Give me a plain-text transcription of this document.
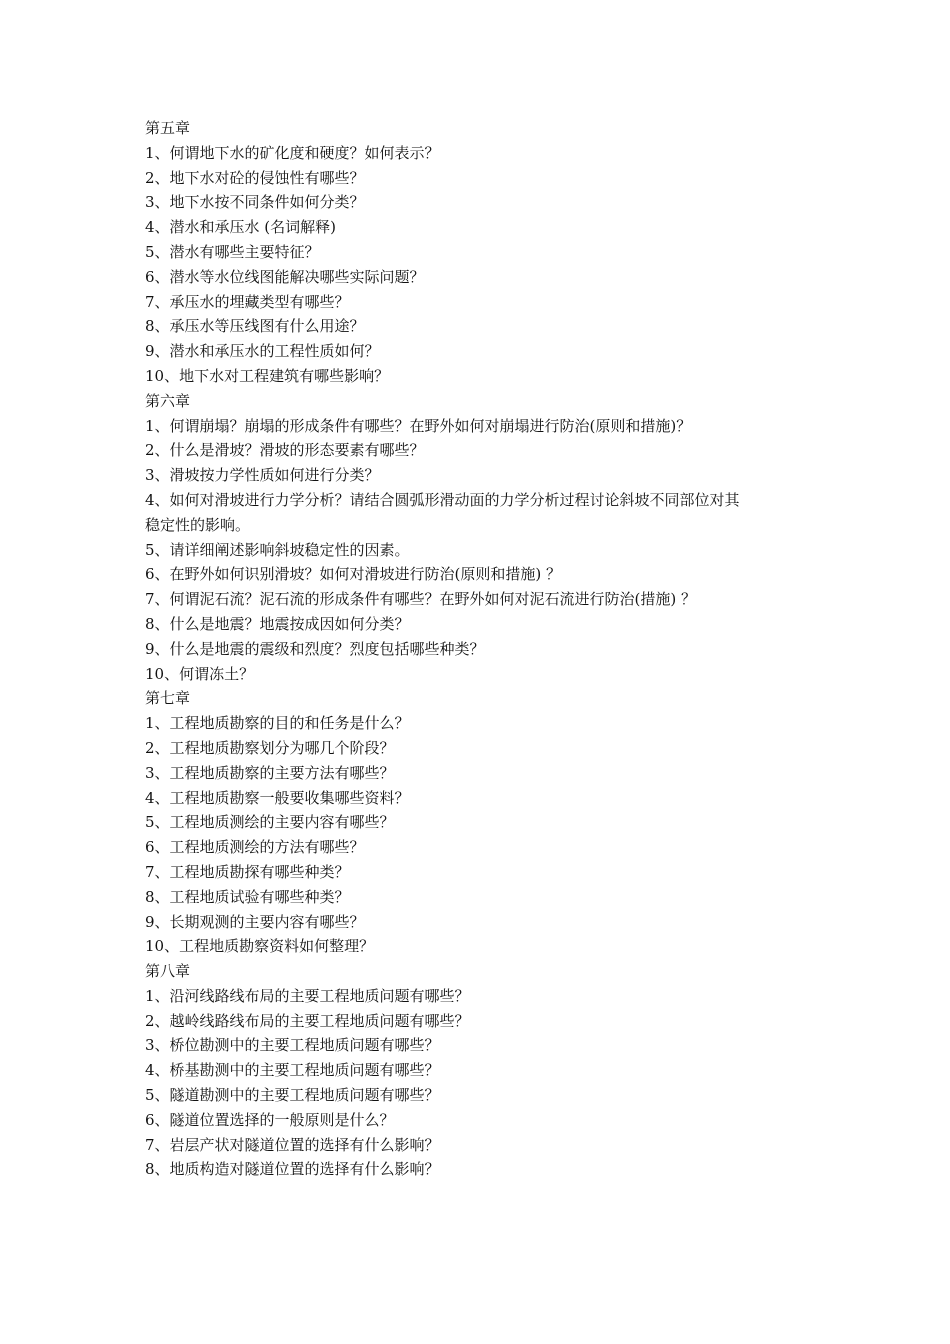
第五章
1、何谓地下水的矿化度和硬度？如何表示？
2、地下水对砼的侵蚀性有哪些？
3、地下水按不同条件如何分类？
4、潜水和承压水 (名词解释)
5、潜水有哪些主要特征？
6、潜水等水位线图能解决哪些实际问题？
7、承压水的埋藏类型有哪些？
8、承压水等压线图有什么用途？
9、潜水和承压水的工程性质如何？
10、地下水对工程建筑有哪些影响？
第六章
1、何谓崩塌？崩塌的形成条件有哪些？在野外如何对崩塌进行防治(原则和措施)？
2、什么是滑坡？滑坡的形态要素有哪些？
3、滑坡按力学性质如何进行分类？
4、如何对滑坡进行力学分析？请结合圆弧形滑动面的力学分析过程讨论斜坡不同部位对其
稳定性的影响。
5、请详细阐述影响斜坡稳定性的因素。
6、在野外如何识别滑坡？如何对滑坡进行防治(原则和措施) ？
7、何谓泥石流？泥石流的形成条件有哪些？在野外如何对泥石流进行防治(措施) ？
8、什么是地震？地震按成因如何分类？
9、什么是地震的震级和烈度？烈度包括哪些种类？
10、何谓冻土？
第七章
1、工程地质勘察的目的和任务是什么？
2、工程地质勘察划分为哪几个阶段？
3、工程地质勘察的主要方法有哪些？
4、工程地质勘察一般要收集哪些资料？
5、工程地质测绘的主要内容有哪些？
6、工程地质测绘的方法有哪些？
7、工程地质勘探有哪些种类？
8、工程地质试验有哪些种类？
9、长期观测的主要内容有哪些？
10、工程地质勘察资料如何整理？
第八章
1、沿河线路线布局的主要工程地质问题有哪些？
2、越岭线路线布局的主要工程地质问题有哪些？
3、桥位勘测中的主要工程地质问题有哪些？
4、桥基勘测中的主要工程地质问题有哪些？
5、隧道勘测中的主要工程地质问题有哪些？
6、隧道位置选择的一般原则是什么？
7、岩层产状对隧道位置的选择有什么影响？
8、地质构造对隧道位置的选择有什么影响？
